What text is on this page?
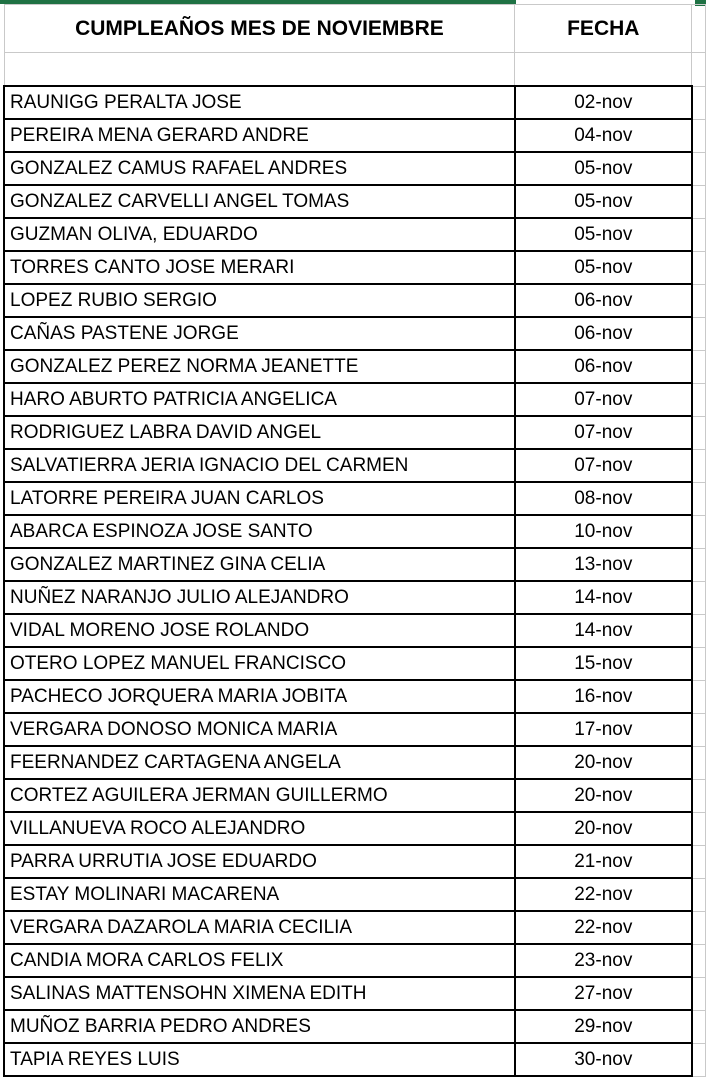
CUMPLEAÑOS MES DE NOVIEMBRE	FECHA	

RAUNIGG PERALTA JOSE	02-nov	
PEREIRA MENA GERARD ANDRE	04-nov	
GONZALEZ CAMUS RAFAEL ANDRES	05-nov	
GONZALEZ CARVELLI ANGEL TOMAS	05-nov	
GUZMAN OLIVA, EDUARDO	05-nov	
TORRES CANTO JOSE MERARI	05-nov	
LOPEZ RUBIO SERGIO	06-nov	
CAÑAS PASTENE JORGE	06-nov	
GONZALEZ PEREZ NORMA JEANETTE	06-nov	
HARO ABURTO PATRICIA ANGELICA	07-nov	
RODRIGUEZ LABRA DAVID ANGEL	07-nov	
SALVATIERRA JERIA IGNACIO DEL CARMEN	07-nov	
LATORRE PEREIRA JUAN CARLOS	08-nov	
ABARCA ESPINOZA JOSE SANTO	10-nov	
GONZALEZ MARTINEZ GINA CELIA	13-nov	
NUÑEZ NARANJO JULIO ALEJANDRO	14-nov	
VIDAL MORENO JOSE ROLANDO	14-nov	
OTERO LOPEZ MANUEL FRANCISCO	15-nov	
PACHECO JORQUERA MARIA JOBITA	16-nov	
VERGARA DONOSO MONICA MARIA	17-nov	
FEERNANDEZ CARTAGENA ANGELA	20-nov	
CORTEZ AGUILERA JERMAN GUILLERMO	20-nov	
VILLANUEVA ROCO ALEJANDRO	20-nov	
PARRA URRUTIA JOSE EDUARDO	21-nov	
ESTAY MOLINARI MACARENA	22-nov	
VERGARA DAZAROLA MARIA CECILIA	22-nov	
CANDIA MORA CARLOS FELIX	23-nov	
SALINAS MATTENSOHN XIMENA EDITH	27-nov	
MUÑOZ BARRIA PEDRO ANDRES	29-nov	
TAPIA REYES LUIS	30-nov	
